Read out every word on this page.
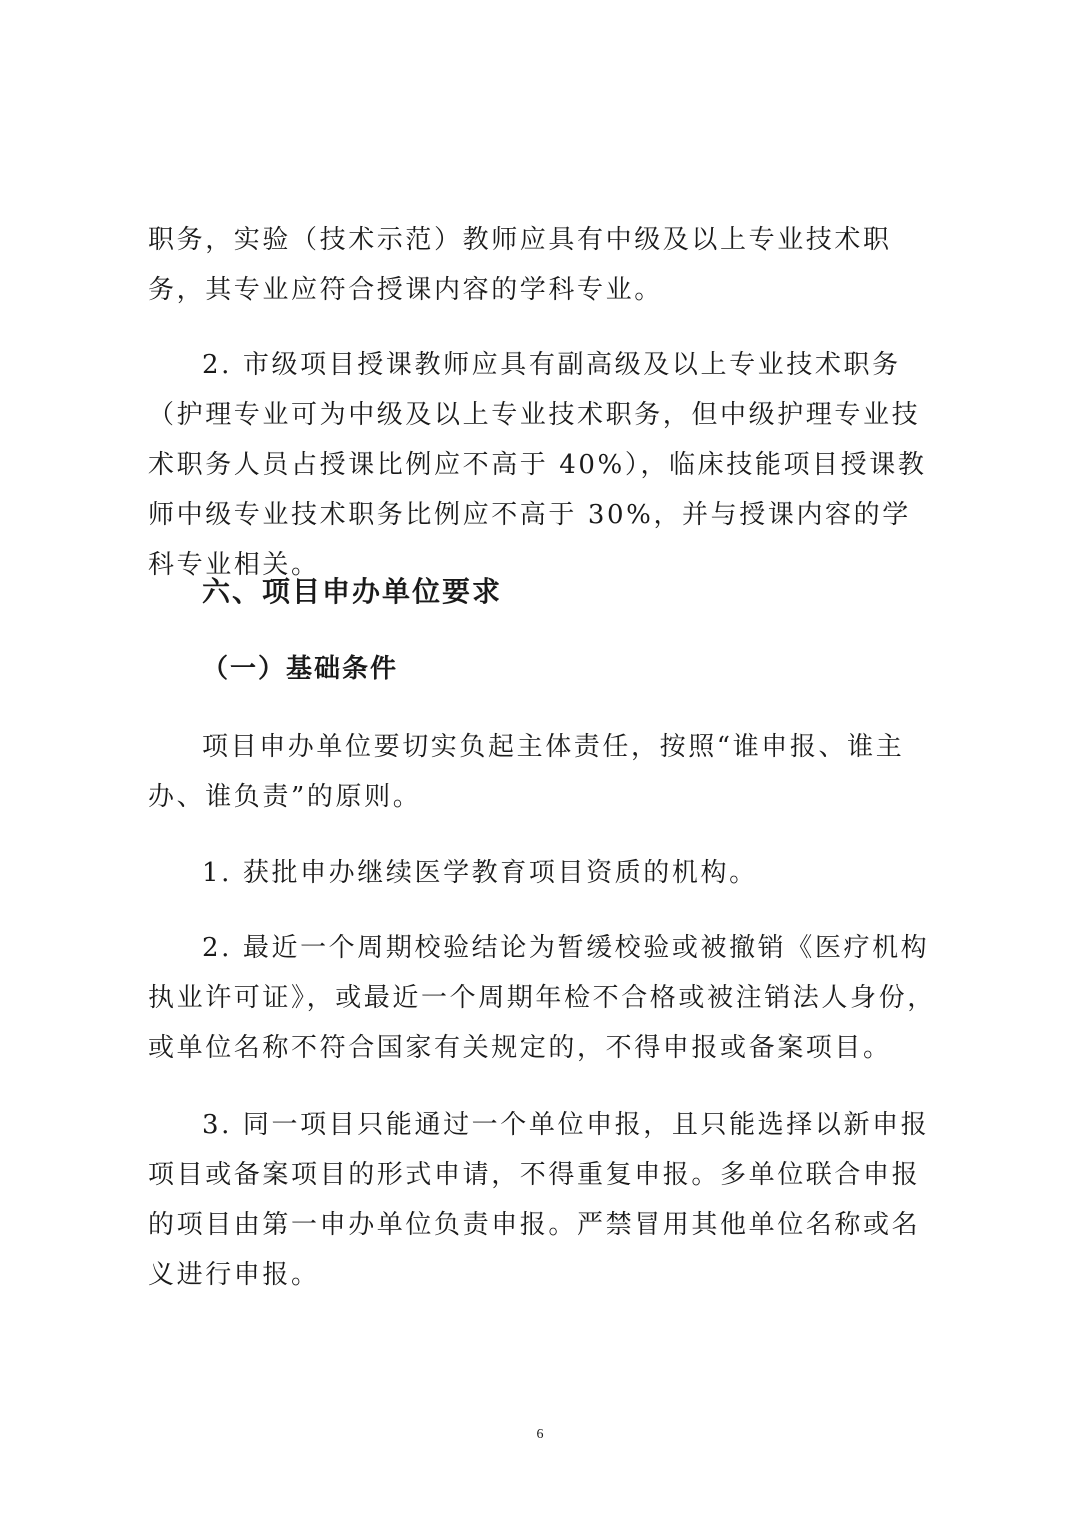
职务，实验（技术示范）教师应具有中级及以上专业技术职务，其专业应符合授课内容的学科专业。

2. 市级项目授课教师应具有副高级及以上专业技术职务（护理专业可为中级及以上专业技术职务，但中级护理专业技术职务人员占授课比例应不高于 40%），临床技能项目授课教师中级专业技术职务比例应不高于 30%，并与授课内容的学科专业相关。

六、项目申办单位要求
（一）基础条件

项目申办单位要切实负起主体责任，按照“谁申报、谁主办、谁负责”的原则。

1. 获批申办继续医学教育项目资质的机构。

2. 最近一个周期校验结论为暂缓校验或被撤销《医疗机构执业许可证》，或最近一个周期年检不合格或被注销法人身份，或单位名称不符合国家有关规定的，不得申报或备案项目。

3. 同一项目只能通过一个单位申报，且只能选择以新申报项目或备案项目的形式申请，不得重复申报。多单位联合申报的项目由第一申办单位负责申报。严禁冒用其他单位名称或名义进行申报。

6
